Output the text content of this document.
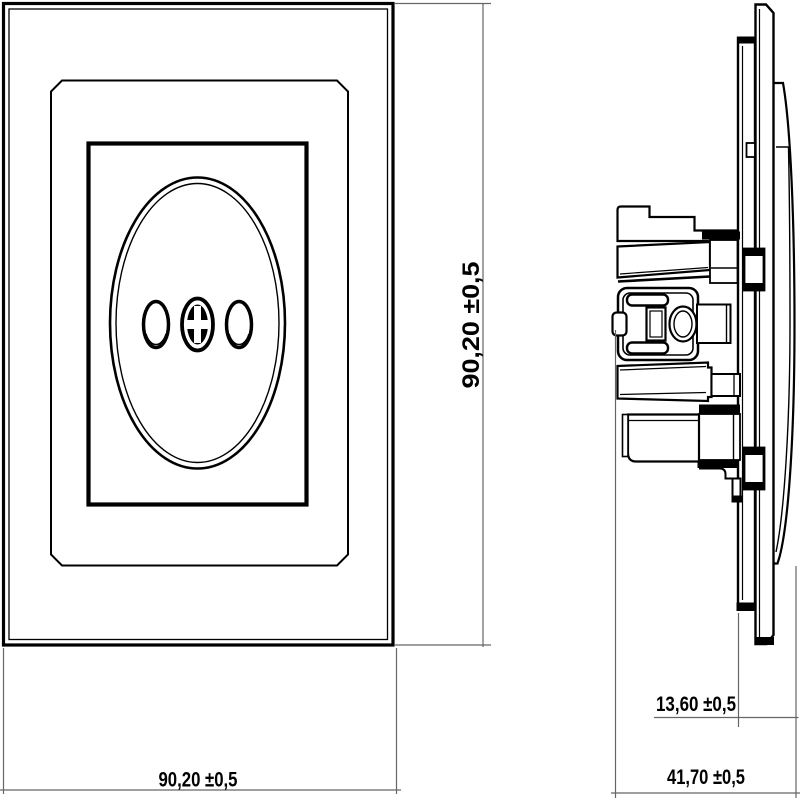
90,20 ±0,5
90,20 ±0,5
13,60 ±0,5
41,70 ±0,5
